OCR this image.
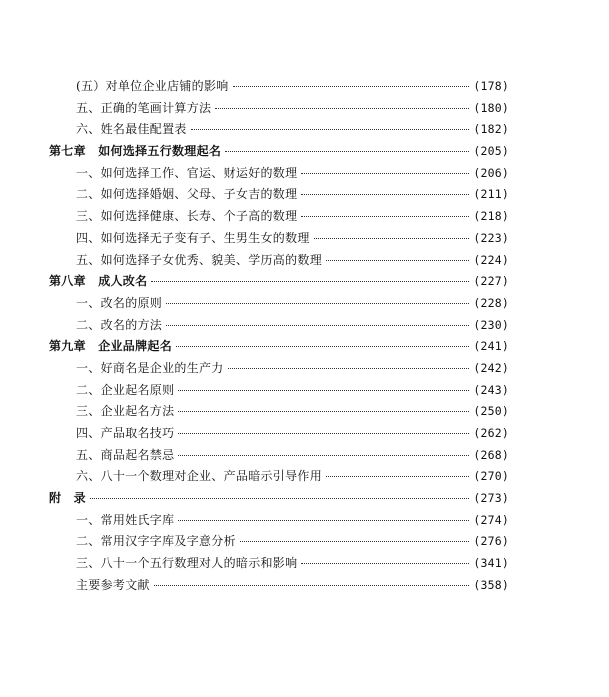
(五）对单位企业店铺的影响	(178)
五、正确的笔画计算方法	(180)
六、姓名最佳配置表	(182)
第七章　如何选择五行数理起名	(205)
一、如何选择工作、官运、财运好的数理	(206)
二、如何选择婚姻、父母、子女吉的数理	(211)
三、如何选择健康、长寿、个子高的数理	(218)
四、如何选择无子变有子、生男生女的数理	(223)
五、如何选择子女优秀、貌美、学历高的数理	(224)
第八章　成人改名	(227)
一、改名的原则	(228)
二、改名的方法	(230)
第九章　企业品牌起名	(241)
一、好商名是企业的生产力	(242)
二、企业起名原则	(243)
三、企业起名方法	(250)
四、产品取名技巧	(262)
五、商品起名禁忌	(268)
六、八十一个数理对企业、产品暗示引导作用	(270)
附　录	(273)
一、常用姓氏字库	(274)
二、常用汉字字库及字意分析	(276)
三、八十一个五行数理对人的暗示和影响	(341)
主要参考文献	(358)
